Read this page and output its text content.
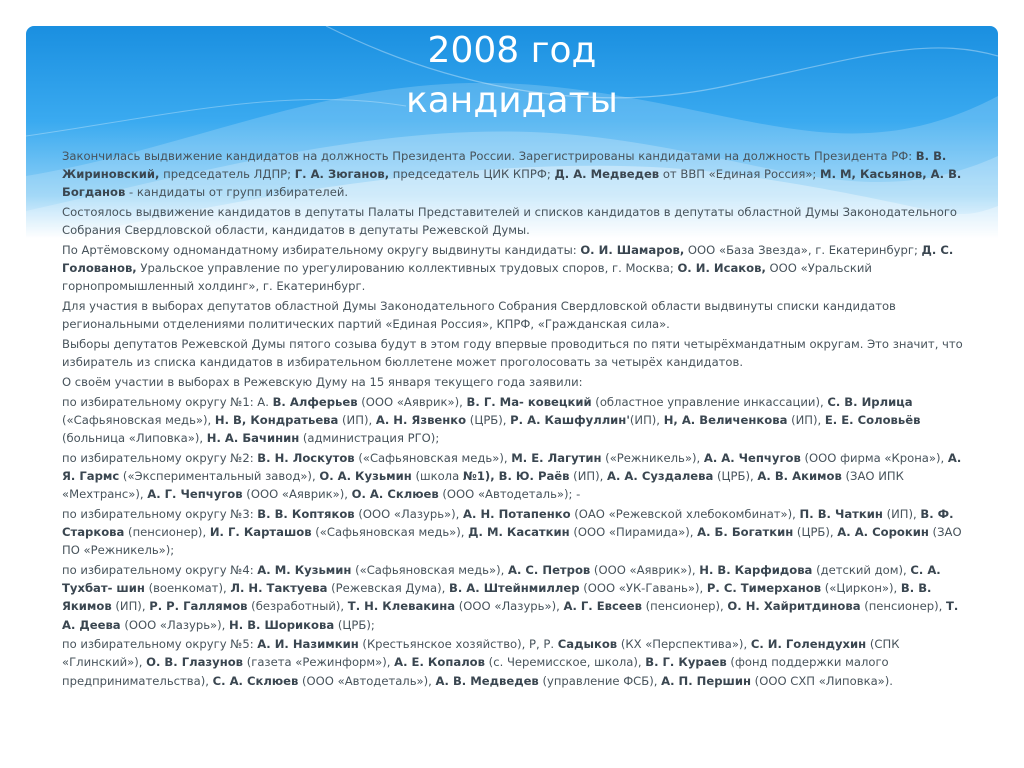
2008 год
кандидаты

Закончилась выдвижение кандидатов на должность Президента России. Зарегистрированы кандидатами на должность Президента РФ: В. В. Жириновский, председатель ЛДПР; Г. А. Зюганов, председатель ЦИК КПРФ; Д. А. Медведев от ВВП «Единая Россия»; М. М, Касьянов, А. В. Богданов - кандидаты от групп избирателей.

Состоялось выдвижение кандидатов в депутаты Палаты Представителей и списков кандидатов в депутаты областной Думы Законодательного Собрания Свердловской области, кандидатов в депутаты Режевской Думы.

По Артёмовскому одномандатному избирательному округу выдвинуты кандидаты: О. И. Шамаров, ООО «База Звезда», г. Екатеринбург; Д. С. Голованов, Уральское управление по урегулированию коллективных трудовых споров, г. Москва; О. И. Исаков, ООО «Уральский горнопромышленный холдинг», г. Екатеринбург.

Для участия в выборах депутатов областной Думы Законодательного Собрания Свердловской области выдвинуты списки кандидатов региональными отделениями политических партий «Единая Россия», КПРФ, «Гражданская сила».

Выборы депутатов Режевской Думы пятого созыва будут в этом году впервые проводиться по пяти четырёхмандатным округам. Это значит, что избиратель из списка кандидатов в избирательном бюллетене может проголосовать за четырёх кандидатов.

О своём участии в выборах в Режевскую Думу на 15 января текущего года заявили:

по избирательному округу №1: А. В. Алферьев (ООО «Аяврик»), В. Г. Ма- ковецкий (областное управление инкассации), С. В. Ирлица («Сафьяновская медь»), Н. В, Кондратьева (ИП), А. Н. Язвенко (ЦРБ), Р. А. Кашфуллин'(ИП), Н, А. Величенкова (ИП), Е. Е. Соловьёв (больница «Липовка»), Н. А. Бачинин (администрация РГО);

по избирательному округу №2: В. Н. Лоскутов («Сафьяновская медь»), М. Е. Лагутин («Режникель»), А. А. Чепчугов (ООО фирма «Крона»), А. Я. Гармс («Экспериментальный завод»), О. А. Кузьмин (школа №1), В. Ю. Раёв (ИП), А. А. Суздалева (ЦРБ), А. В. Акимов (ЗАО ИПК «Мехтранс»), А. Г. Чепчугов (ООО «Аяврик»), О. А. Склюев (ООО «Автодеталь»); -

по избирательному округу №3: В. В. Коптяков (ООО «Лазурь»), А. Н. Потапенко (ОАО «Режевской хлебокомбинат»), П. В. Чаткин (ИП), В. Ф. Старкова (пенсионер), И. Г. Карташов («Сафьяновская медь»), Д. М. Касаткин (ООО «Пирамида»), А. Б. Богаткин (ЦРБ), А. А. Сорокин (ЗАО ПО «Режникель»);

по избирательному округу №4: А. М. Кузьмин («Сафьяновская медь»), А. С. Петров (ООО «Аяврик»), Н. В. Карфидова (детский дом), С. А. Тухбат- шин (военкомат), Л. Н. Тактуева (Режевская Дума), В. А. Штейнмиллер (ООО «УК-Гавань»), Р. С. Тимерханов («Циркон»), В. В. Якимов (ИП), Р. Р. Галлямов (безработный), Т. Н. Клевакина (ООО «Лазурь»), А. Г. Евсеев (пенсионер), О. Н. Хайритдинова (пенсионер), Т. А. Деева (ООО «Лазурь»), Н. В. Шорикова (ЦРБ);

по избирательному округу №5: А. И. Назимкин (Крестьянское хозяйство), Р, Р. Садыков (КХ «Перспектива»), С. И. Голендухин (СПК «Глинский»), О. В. Глазунов (газета «Режинформ»), А. Е. Копалов (с. Черемисское, школа), В. Г. Кураев (фонд поддержки малого предпринимательства), С. А. Склюев (ООО «Автодеталь»), А. В. Медведев (управление ФСБ), А. П. Першин (ООО СХП «Липовка»).
